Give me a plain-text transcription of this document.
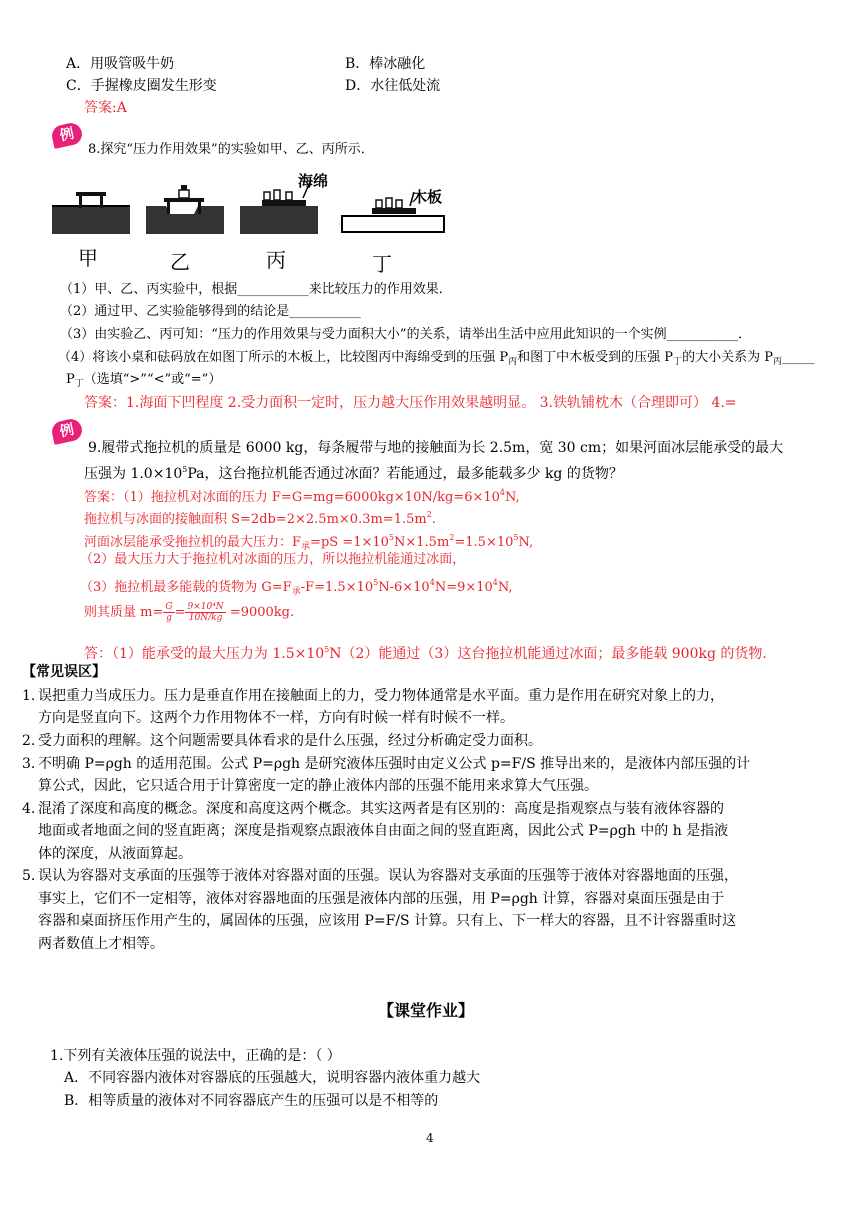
A．用吸管吸牛奶	B．棒冰融化
C．手握橡皮圈发生形变	D．水往低处流
答案:A
例
8.探究“压力作用效果”的实验如甲、乙、丙所示．
海绵
木板
甲	乙	丙	丁
（1）甲、乙、丙实验中，根据___________来比较压力的作用效果．
（2）通过甲、乙实验能够得到的结论是___________
（3）由实验乙、丙可知：“压力的作用效果与受力面积大小”的关系，请举出生活中应用此知识的一个实例___________．
（4）将该小桌和砝码放在如图丁所示的木板上，比较图丙中海绵受到的压强 $P_丙$和图丁中木板受到的压强 $P_丁$的大小关系为 $P_丙\_\_\_\_\_$
$P_丁$（选填“>”“<”或“=”）
答案：1.海面下凹程度 2.受力面积一定时，压力越大压作用效果越明显。 3.铁轨铺枕木（合理即可） 4.=
例
9.履带式拖拉机的质量是 6000 kg，每条履带与地的接触面为长 2.5m，宽 30 cm；如果河面冰层能承受的最大
压强为 $1.0\times 10^5Pa$，这台拖拉机能否通过冰面？若能通过，最多能载多少 kg 的货物？
答案：（1）拖拉机对冰面的压力 $F=G=mg=6000kg\times 10N/kg=6\times 10^4N$,
拖拉机与冰面的接触面积 $S=2db=2\times 2.5m\times 0.3m=1.5m^2$.
河面冰层能承受拖拉机的最大压力：$F_承=pS =1\times 10^5N\times 1.5m^2=1.5\times 10^5N$,
（2）最大压力大于拖拉机对冰面的压力，所以拖拉机能通过冰面，
（3）拖拉机最多能载的货物为 $G=F_承-F=1.5\times 10^5N-6\times 10^4N=9\times 10^4N$,
则其质量 $m= \frac{G}{g}= \frac{\text{9×10⁴N}}{10N/kg} =9000kg$.
答：（1）能承受的最大压力为 $1.5\times 10^5N(2)$能通过（3）这台拖拉机能通过冰面；最多能载 900kg 的货物.
【常见误区】
1. 误把重力当成压力。压力是垂直作用在接触面上的力，受力物体通常是水平面。重力是作用在研究对象上的力，
方向是竖直向下。这两个力作用物体不一样，方向有时候一样有时候不一样。
2. 受力面积的理解。这个问题需要具体看求的是什么压强，经过分析确定受力面积。
3. 不明确 P=ρgh 的适用范围。公式 P=ρgh 是研究液体压强时由定义公式 p=F/S 推导出来的，是液体内部压强的计
算公式，因此，它只适合用于计算密度一定的静止液体内部的压强不能用来求算大气压强。
4. 混淆了深度和高度的概念。深度和高度这两个概念。其实这两者是有区别的：高度是指观察点与装有液体容器的
地面或者地面之间的竖直距离；深度是指观察点跟液体自由面之间的竖直距离，因此公式 P=ρgh 中的 h 是指液
体的深度，从液面算起。
5. 误认为容器对支承面的压强等于液体对容器对面的压强。误认为容器对支承面的压强等于液体对容器地面的压强，
事实上，它们不一定相等，液体对容器地面的压强是液体内部的压强，用 P=ρgh 计算，容器对桌面压强是由于
容器和桌面挤压作用产生的，属固体的压强，应该用 P=F/S 计算。只有上、下一样大的容器，且不计容器重时这
两者数值上才相等。
【课堂作业】
1.下列有关液体压强的说法中，正确的是：（ ）
A．不同容器内液体对容器底的压强越大，说明容器内液体重力越大
B．相等质量的液体对不同容器底产生的压强可以是不相等的
4
